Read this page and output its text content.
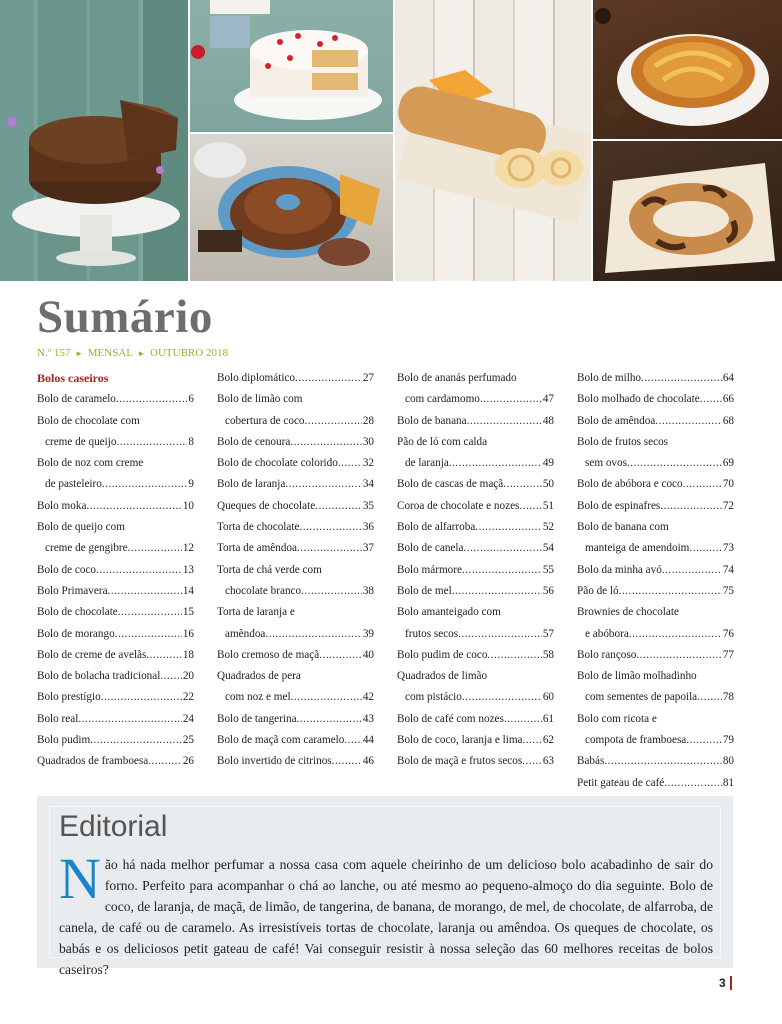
Sumário
N.º 157 ► MENSAL ► OUTUBRO 2018
Bolos caseiros
Bolo de caramelo .....	6
Bolo de chocolate com
creme de queijo .....	8
Bolo de noz com creme
de pasteleiro .....	9
Bolo moka .....	10
Bolo de queijo com
creme de gengibre .....	12
Bolo de coco .....	13
Bolo Primavera .....	14
Bolo de chocolate .....	15
Bolo de morango .....	16
Bolo de creme de avelãs .....	18
Bolo de bolacha tradicional ..... 20
Bolo prestígio .....	22
Bolo real .....	24
Bolo pudim .....	25
Quadrados de framboesa .....	26
Bolo diplomático .....	27
Bolo de limão com
cobertura de coco .....	28
Bolo de cenoura .....	30
Bolo de chocolate colorido ..... 32
Bolo de laranja .....	34
Queques de chocolate .....	35
Torta de chocolate .....	36
Torta de amêndoa .....	37
Torta de chá verde com
chocolate branco .....	38
Torta de laranja e
amêndoa .....	39
Bolo cremoso de maçã .....	40
Quadrados de pera
com noz e mel .....	42
Bolo de tangerina .....	43
Bolo de maçã com caramelo ..... 44
Bolo invertido de citrinos .....	46
Bolo de ananás perfumado
com cardamomo .....	47
Bolo de banana .....	48
Pão de ló com calda
de laranja .....	49
Bolo de cascas de maçã .....	50
Coroa de chocolate e nozes ..... 51
Bolo de alfarroba .....	52
Bolo de canela .....	54
Bolo mármore .....	55
Bolo de mel .....	56
Bolo amanteigado com
frutos secos .....	57
Bolo pudim de coco .....	58
Quadrados de limão
com pistácio .....	60
Bolo de café com nozes .....	61
Bolo de coco, laranja e lima ..... 62
Bolo de maçã e frutos secos ..... 63
Bolo de milho .....	64
Bolo molhado de chocolate ..... 66
Bolo de amêndoa .....	68
Bolo de frutos secos
sem ovos .....	69
Bolo de abóbora e coco .....	70
Bolo de espinafres .....	72
Bolo de banana com
manteiga de amendoim .....	73
Bolo da minha avó .....	74
Pão de ló .....	75
Brownies de chocolate
e abóbora .....	76
Bolo rançoso .....	77
Bolo de limão molhadinho
com sementes de papoila ..... 78
Bolo com ricota e
compota de framboesa .....	79
Babás .....	80
Petit gateau de café .....	81
Editorial

Não há nada melhor perfumar a nossa casa com aquele cheirinho de um delicioso bolo acabadinho de sair do forno. Perfeito para acompanhar o chá ao lanche, ou até mesmo ao pequeno-almoço do dia seguinte. Bolo de coco, de laranja, de maçã, de limão, de tangerina, de banana, de morango, de mel, de chocolate, de alfarroba, de canela, de café ou de caramelo. As irresistíveis tortas de chocolate, laranja ou amêndoa. Os queques de chocolate, os babás e os deliciosos petit gateau de café! Vai conseguir resistir à nossa seleção das 60 melhores receitas de bolos caseiros?

3
